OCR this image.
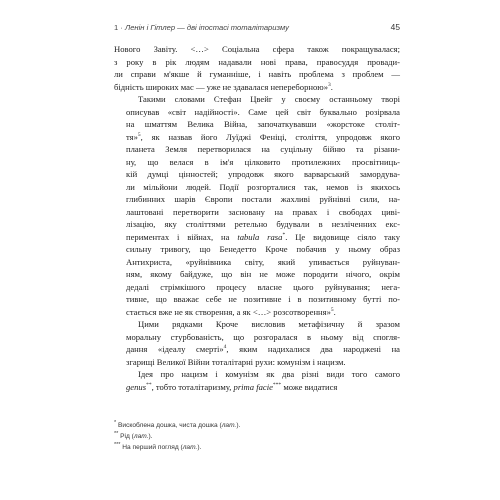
1 · Ленін і Гітлер — дві іпостасі тоталітаризму	45

Нового Завіту. <…> Соціальна сфера також покращувалася;
з року в рік людям надавали нові права, правосуддя провади-
ли справи м'якше й гуманніше, і навіть проблема з проблем —
бідність широких мас — уже не здавалася непереборною»$^3$.

Такими словами Стефан Цвейг у своєму останньому творі
описував «світ надійності». Саме цей світ буквально розірвала
на шматтям Велика Війна, започаткувавши «жорстоке століт-
тя»$^5$, як назвав його Луїджі Феніці, століття, упродовж якого
планета Земля перетворилася на суцільну бійню та різани-
ну, що велася в ім'я цілковито протилежних просвітниць-
кій думці цінностей; упродовж якого варварський замордува-
ли мільйони людей. Події розгорталися так, немов із якихось
глибинних шарів Європи постали жахливі руйнівні сили, на-
лаштовані перетворити засновану на правах і свободах циві-
лізацію, яку століттями ретельно будували в незліченних екс-
периментах і війнах, на tabula rasa*. Це видовище сіяло таку
сильну тривогу, що Бенедетто Кроче побачив у ньому образ
Антихриста, «руйнівника світу, який упивається руйнуван-
ням, якому байдуже, що він не може породити нічого, окрім
дедалі стрімкішого процесу власне цього руйнування; нега-
тивне, що вважає себе не позитивне і в позитивному бутті по-
стається вже не як створення, а як <…> розсотворення»$^5$.

Цими рядками Кроче висловив метафізичну й зразом
моральну стурбованість, що розгоралася в ньому від спогля-
дання «ідеалу смерті»$^4$, яким надихалися два народжені на
згарищі Великої Війни тоталітарні рухи: комунізм і нацизм.

Ідея про нацизм і комунізм як два різні види того самого
genus**, тобто тоталітаризму, prima facie*** може видатися

* Вискоблена дошка, чиста дошка (лат.).
** Рід (лат.).
*** На перший погляд (лат.).
